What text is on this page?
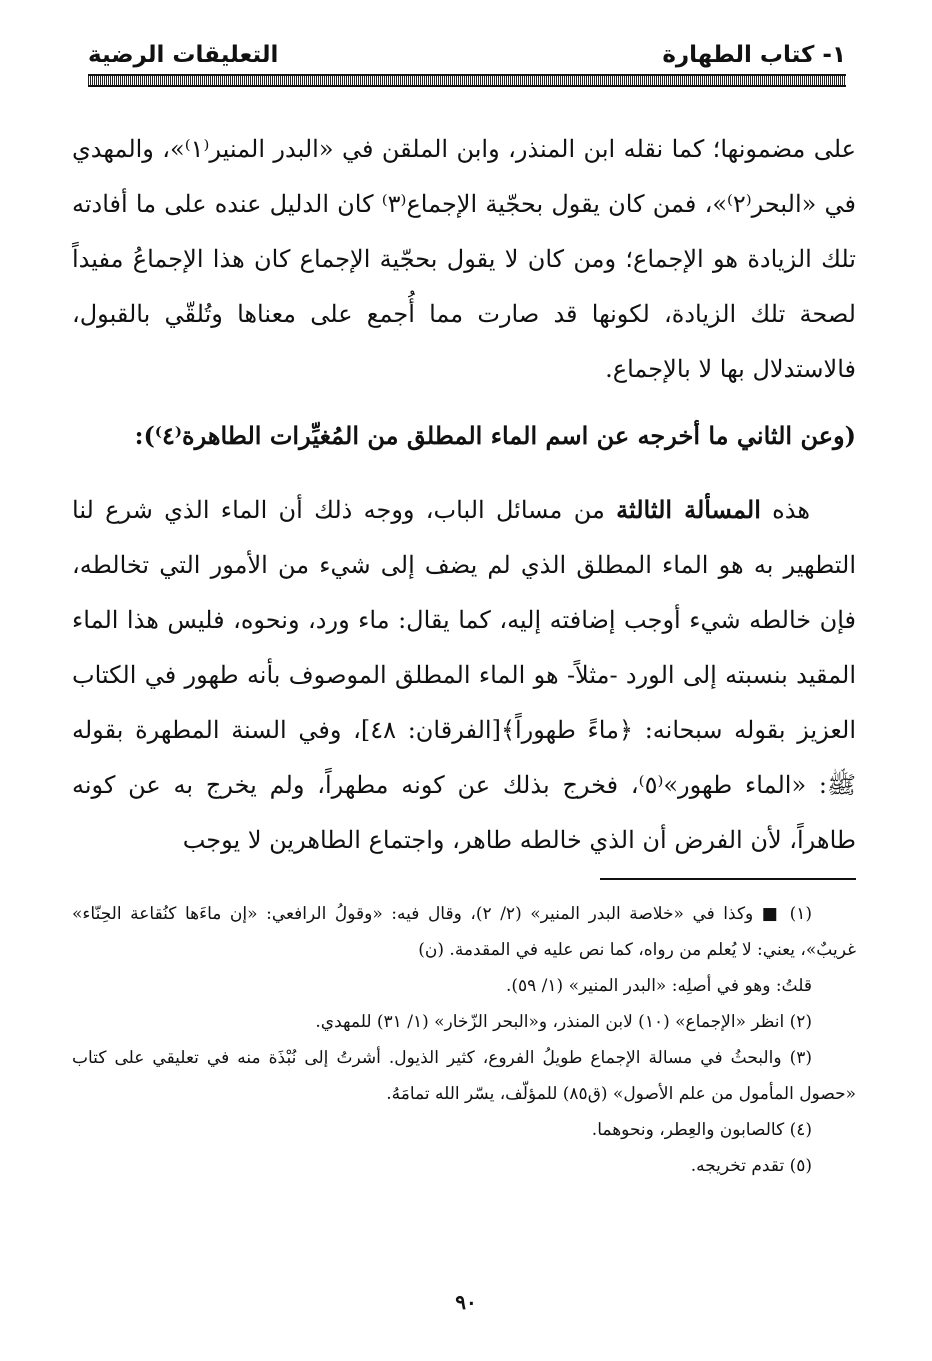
١- كتاب الطهارة
التعليقات الرضية

على مضمونها؛ كما نقله ابن المنذر، وابن الملقن في «البدر المنير⁽١⁾»، والمهدي في «البحر⁽٢⁾»، فمن كان يقول بحجّية الإجماع⁽٣⁾ كان الدليل عنده على ما أفادته تلك الزيادة هو الإجماع؛ ومن كان لا يقول بحجّية الإجماع كان هذا الإجماعُ مفيداً لصحة تلك الزيادة، لكونها قد صارت مما أُجمع على معناها وتُلقّي بالقبول، فالاستدلال بها لا بالإجماع.

(وعن الثاني ما أخرجه عن اسم الماء المطلق من المُغيِّرات الطاهرة⁽٤⁾):

هذه المسألة الثالثة من مسائل الباب، ووجه ذلك أن الماء الذي شرع لنا التطهير به هو الماء المطلق الذي لم يضف إلى شيء من الأمور التي تخالطه، فإن خالطه شيء أوجب إضافته إليه، كما يقال: ماء ورد، ونحوه، فليس هذا الماء المقيد بنسبته إلى الورد -مثلاً- هو الماء المطلق الموصوف بأنه طهور في الكتاب العزيز بقوله سبحانه: ﴿ماءً طهوراً﴾[الفرقان: ٤٨]، وفي السنة المطهرة بقوله ﷺ: «الماء طهور»⁽٥⁾، فخرج بذلك عن كونه مطهراً، ولم يخرج به عن كونه طاهراً، لأن الفرض أن الذي خالطه طاهر، واجتماع الطاهرين لا يوجب

(١) ■ وكذا في «خلاصة البدر المنير» (٢/ ٢)، وقال فيه: «وقولُ الرافعي: «إن ماءَها كنُقاعة الحِنّاء» غريبٌ»، يعني: لا يُعلم من رواه، كما نص عليه في المقدمة. (ن)

قلتُ: وهو في أصلِه: «البدر المنير» (١/ ٥٩).

(٢) انظر «الإجماع» (١٠) لابن المنذر، و«البحر الزّخار» (١/ ٣١) للمهدي.

(٣) والبحثُ في مسالة الإجماع طويلُ الفروع، كثير الذيول. أشرتُ إلى نُبْذَة منه في تعليقي على كتاب «حصول المأمول من علم الأصول» (ق٨٥) للمؤلّف، يسّر الله تمامَهُ.

(٤) كالصابون والعِطر، ونحوهما.

(٥) تقدم تخريجه.

٩٠
